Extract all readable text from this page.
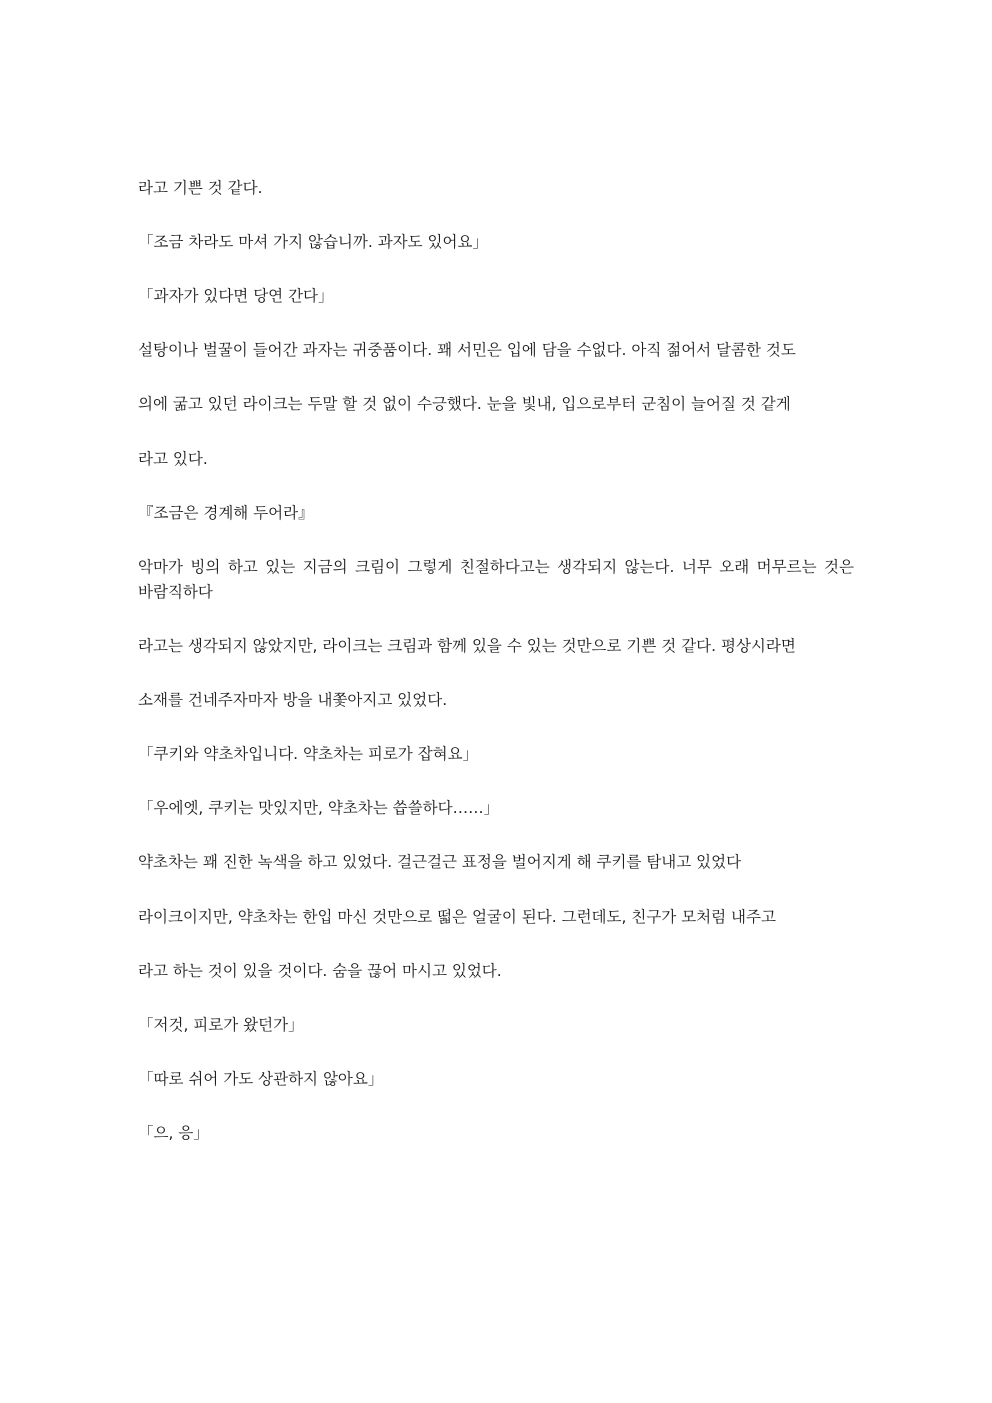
라고 기쁜 것 같다.

「조금 차라도 마셔 가지 않습니까. 과자도 있어요」

「과자가 있다면 당연 간다」

설탕이나 벌꿀이 들어간 과자는 귀중품이다. 꽤 서민은 입에 담을 수없다. 아직 젊어서 달콤한 것도

의에 굶고 있던 라이크는 두말 할 것 없이 수긍했다. 눈을 빛내, 입으로부터 군침이 늘어질 것 같게

라고 있다.

『조금은 경계해 두어라』

악마가 빙의 하고 있는 지금의 크림이 그렇게 친절하다고는 생각되지 않는다. 너무 오래 머무르는 것은 바람직하다

라고는 생각되지 않았지만, 라이크는 크림과 함께 있을 수 있는 것만으로 기쁜 것 같다. 평상시라면

소재를 건네주자마자 방을 내쫓아지고 있었다.

「쿠키와 약초차입니다. 약초차는 피로가 잡혀요」

「우에엣, 쿠키는 맛있지만, 약초차는 씁쓸하다……」

약초차는 꽤 진한 녹색을 하고 있었다. 걸근걸근 표정을 벌어지게 해 쿠키를 탐내고 있었다

라이크이지만, 약초차는 한입 마신 것만으로 떫은 얼굴이 된다. 그런데도, 친구가 모처럼 내주고

라고 하는 것이 있을 것이다. 숨을 끊어 마시고 있었다.

「저것, 피로가 왔던가」

「따로 쉬어 가도 상관하지 않아요」

「으, 응」
